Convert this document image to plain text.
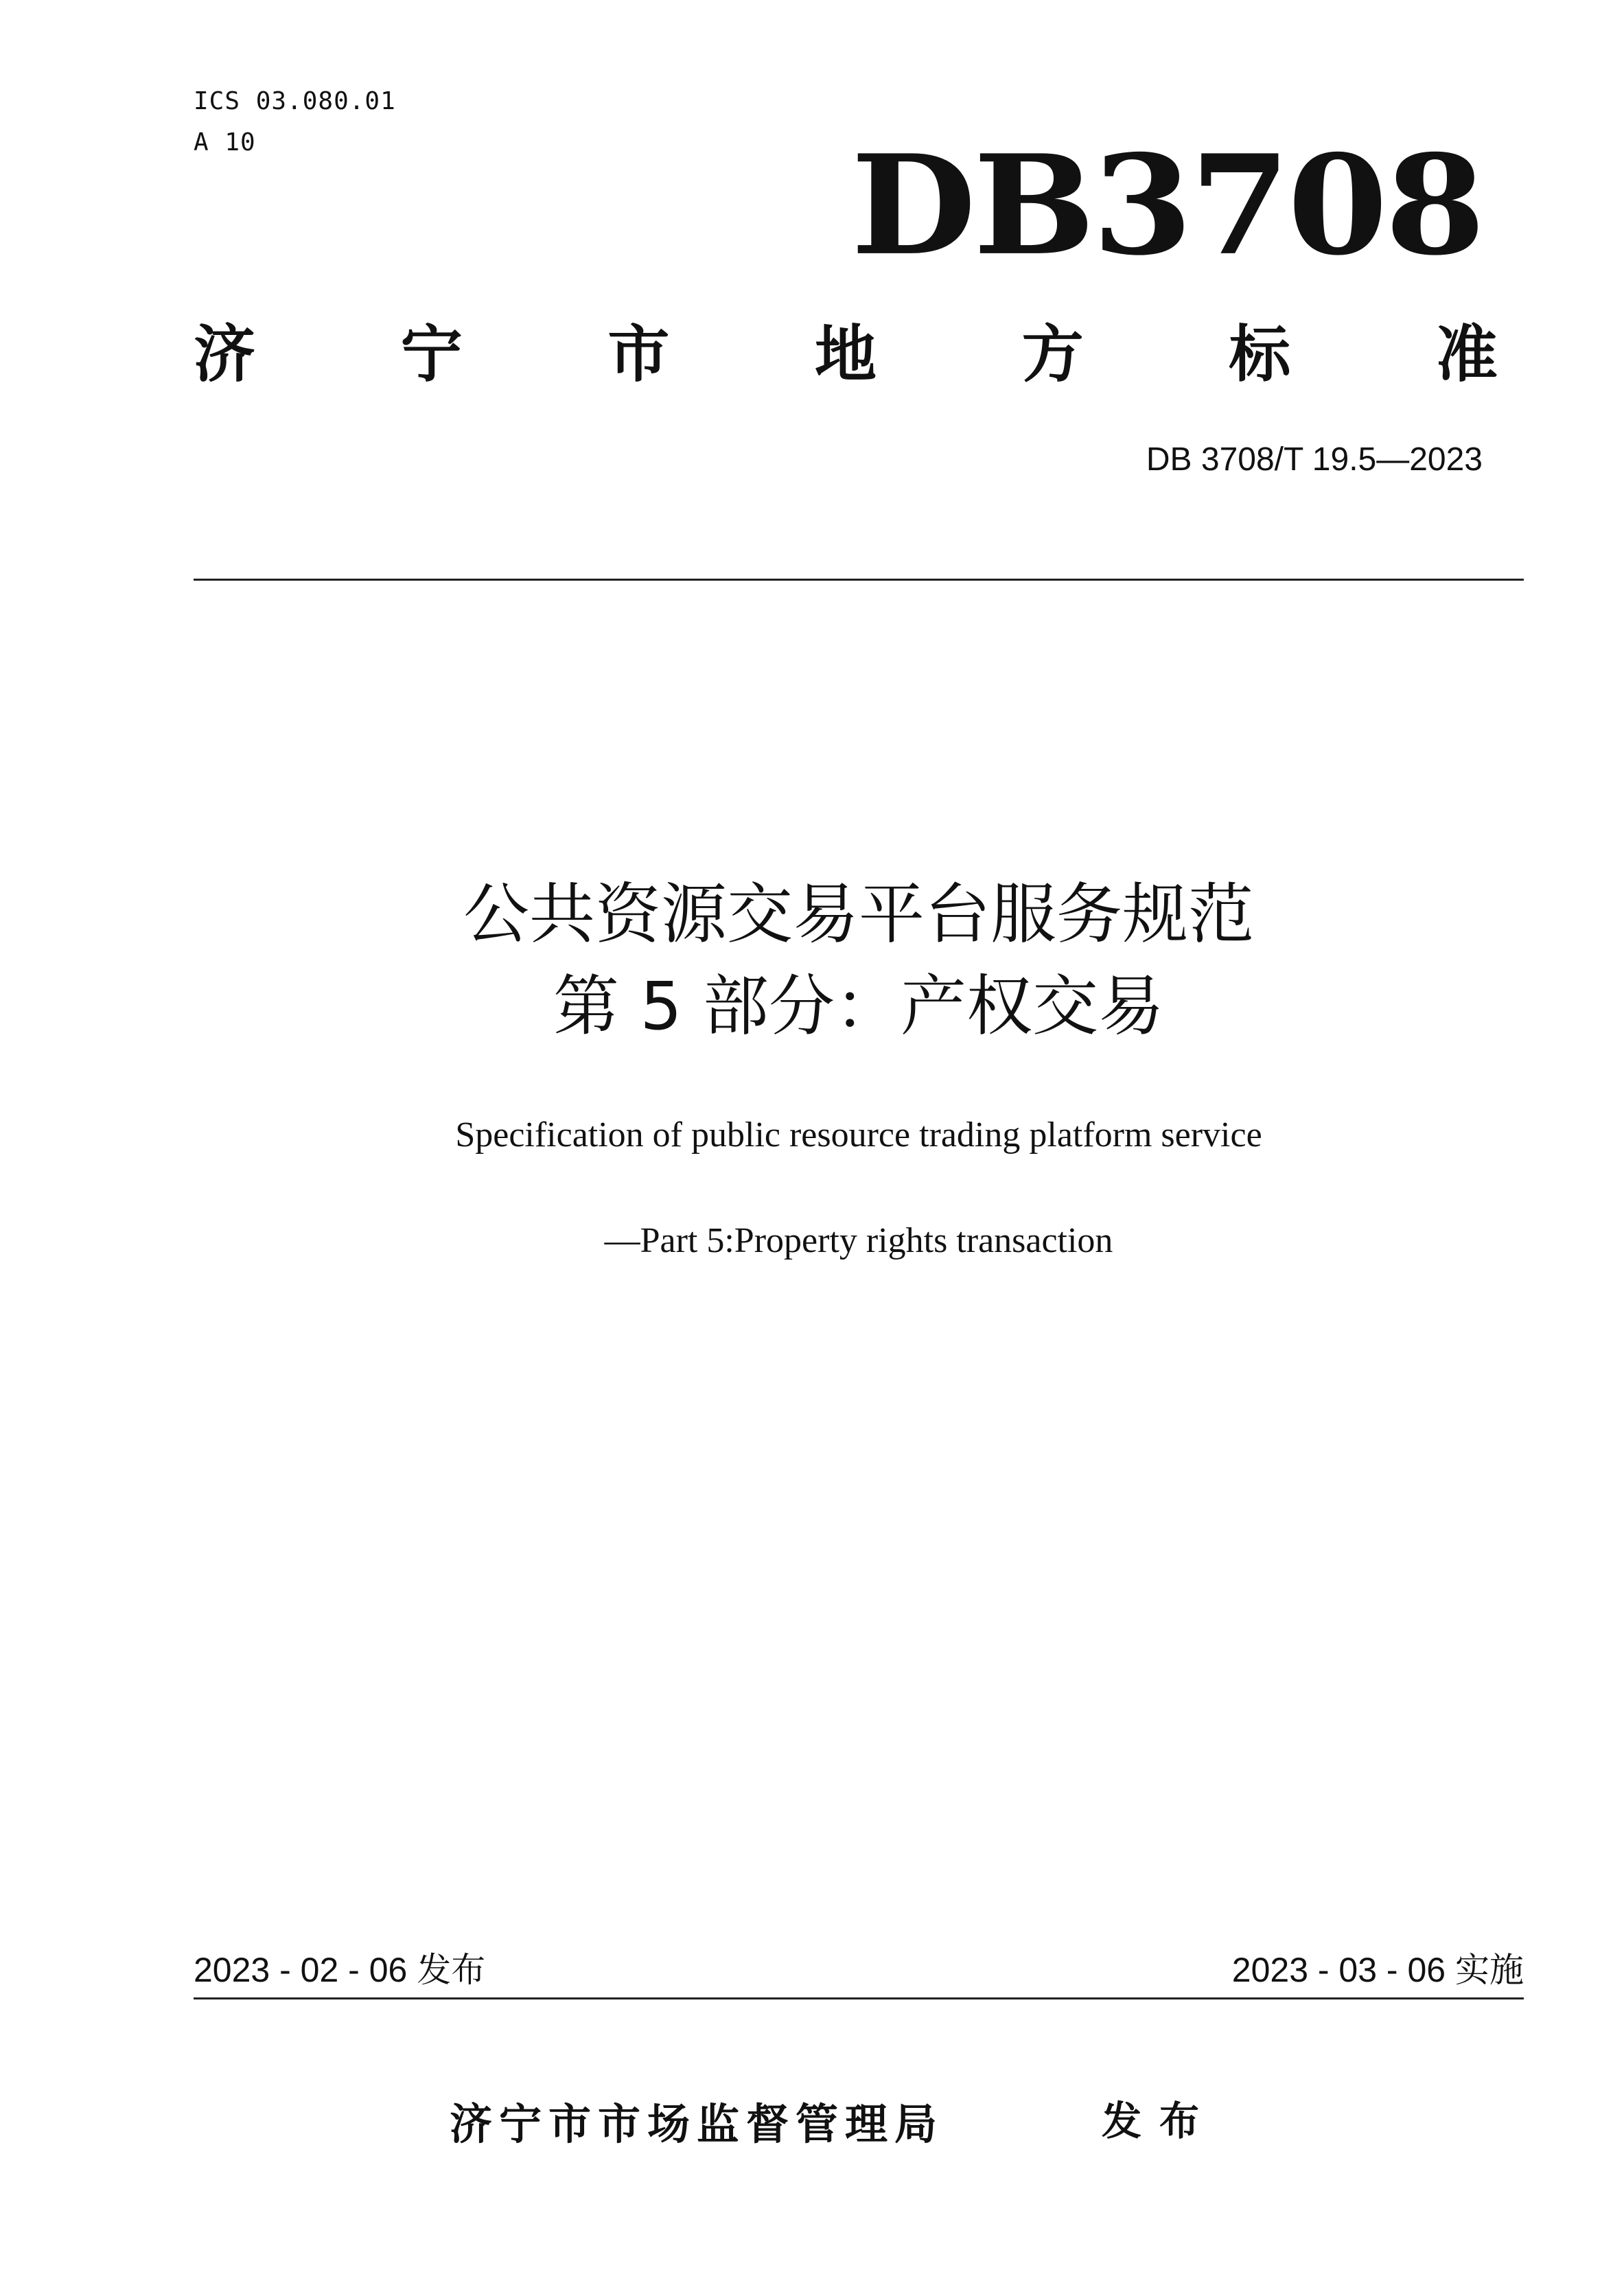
ICS 03.080.01
A 10	DB3708
济 宁 市 地 方 标 准
DB 3708/T 19.5—2023
公共资源交易平台服务规范
第 5 部分：产权交易
Specification of public resource trading platform service
—Part 5:Property rights transaction
2023 - 02 - 06 发布	2023 - 03 - 06 实施
济宁市市场监督管理局	发布
